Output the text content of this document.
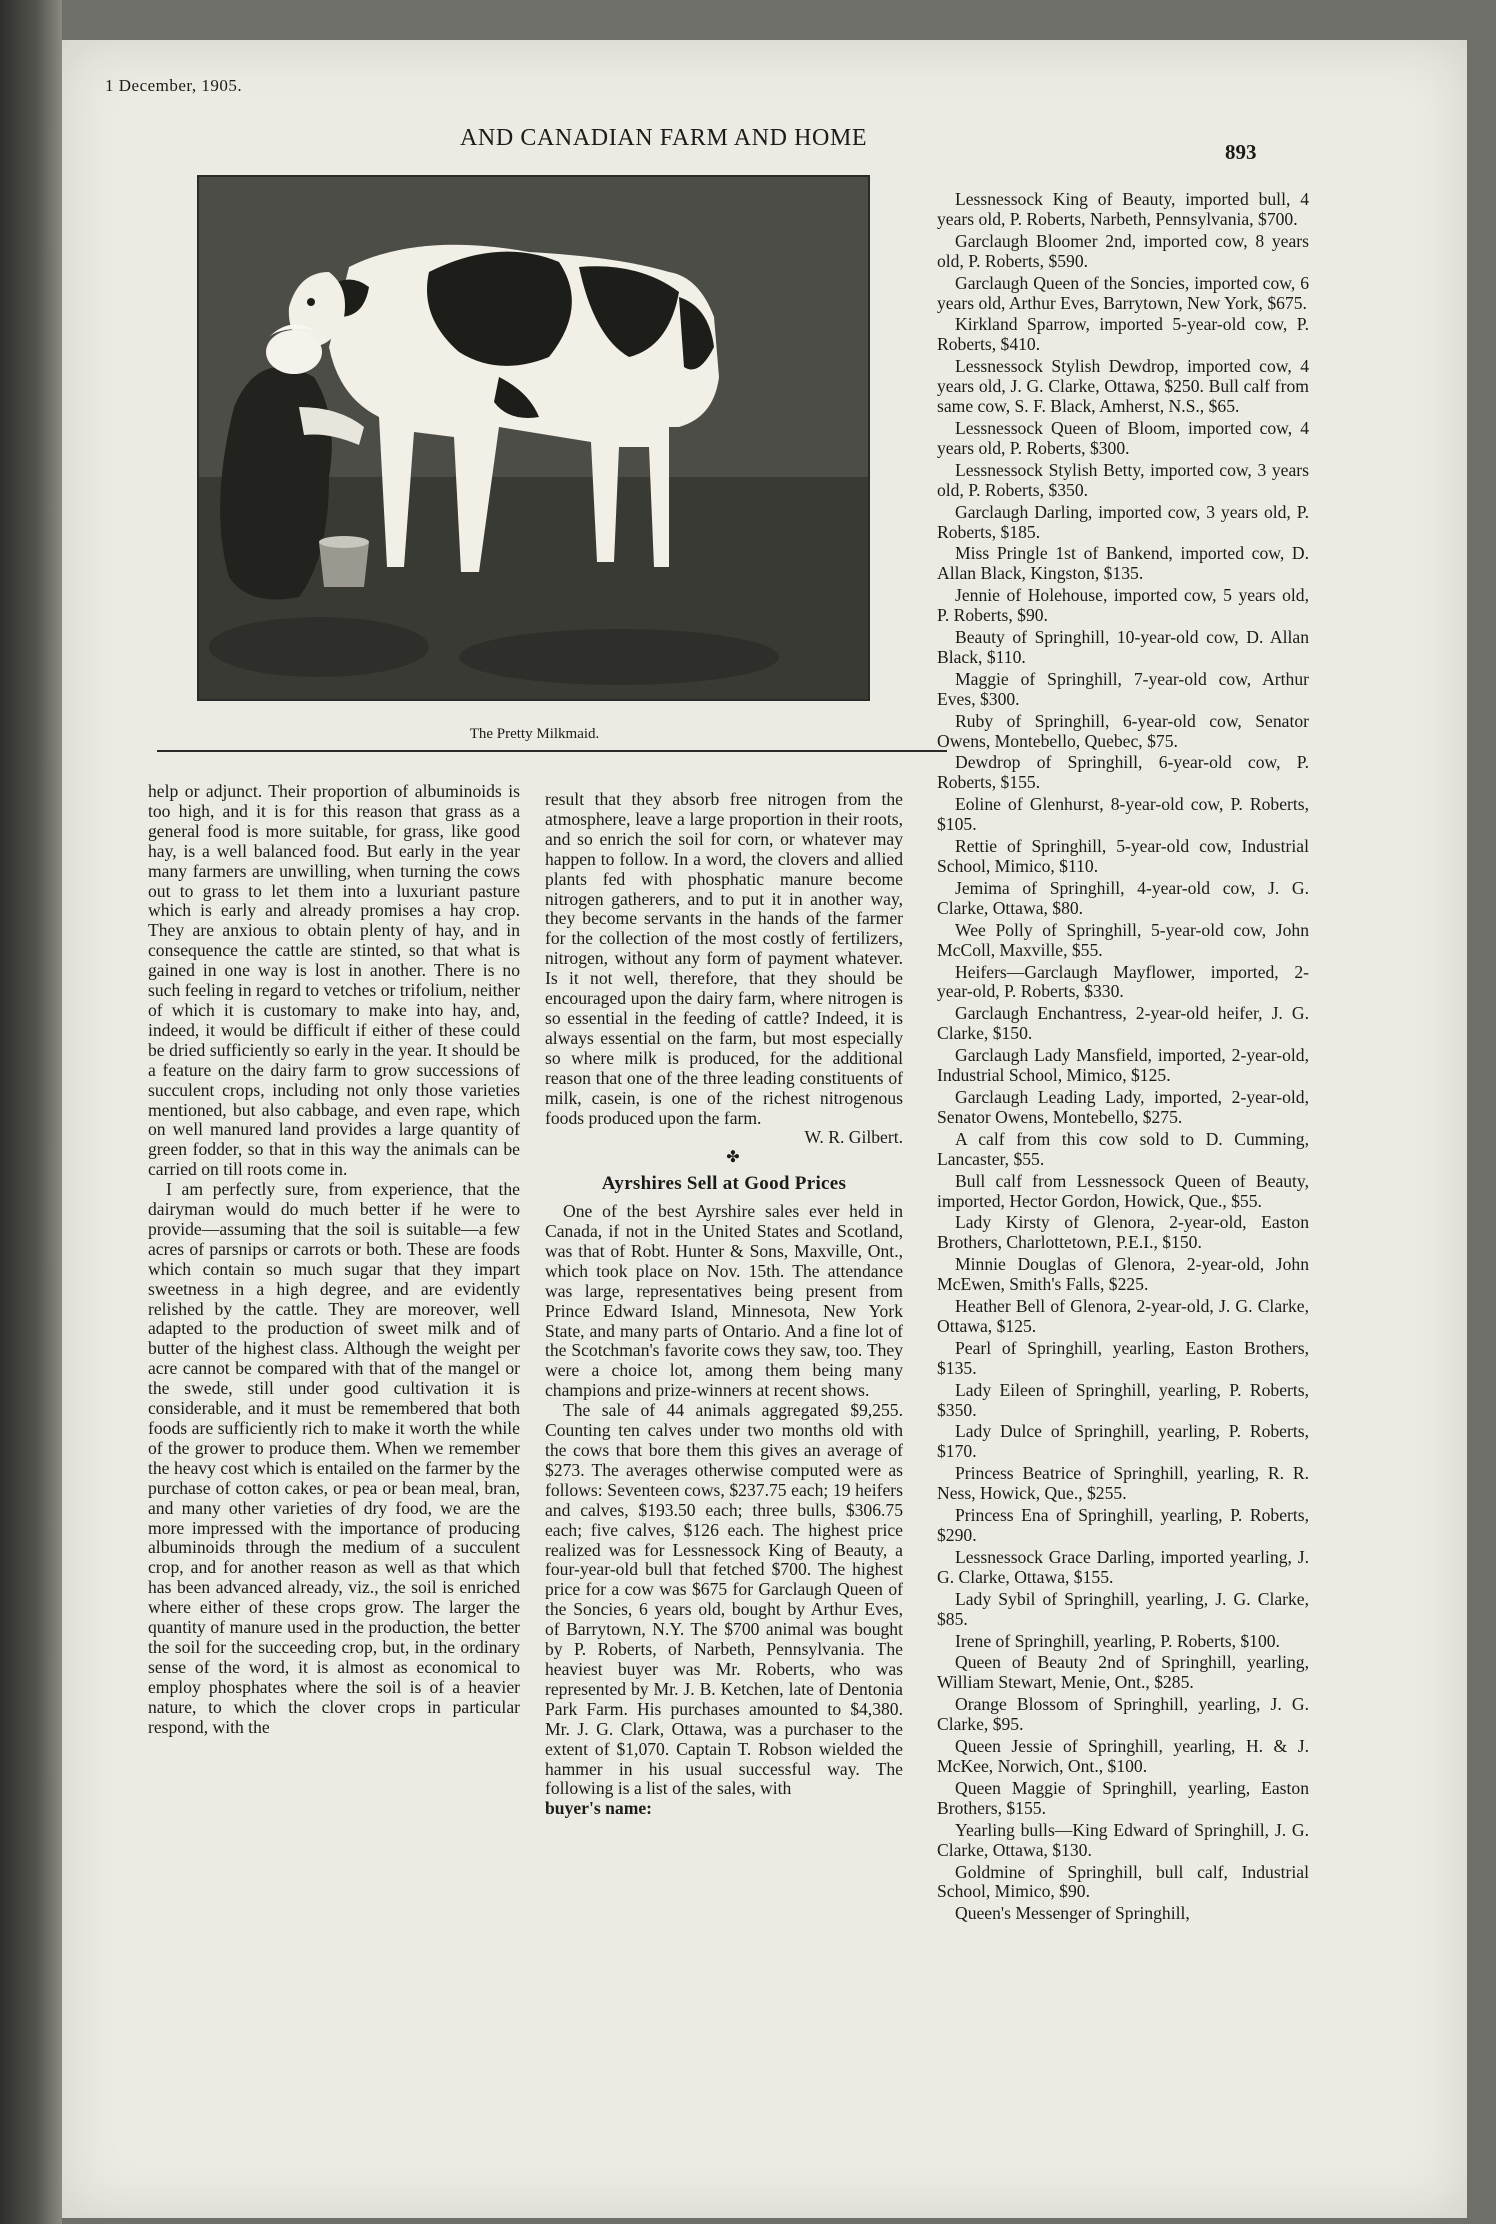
1 December, 1905.
AND CANADIAN FARM AND HOME
893
The Pretty Milkmaid.

help or adjunct. Their proportion of albuminoids is too high, and it is for this reason that grass as a general food is more suitable, for grass, like good hay, is a well balanced food. But early in the year many farmers are unwilling, when turning the cows out to grass to let them into a luxuriant pasture which is early and already promises a hay crop. They are anxious to obtain plenty of hay, and in consequence the cattle are stinted, so that what is gained in one way is lost in another. There is no such feeling in regard to vetches or trifolium, neither of which it is customary to make into hay, and, indeed, it would be difficult if either of these could be dried sufficiently so early in the year. It should be a feature on the dairy farm to grow successions of succulent crops, including not only those varieties mentioned, but also cabbage, and even rape, which on well manured land provides a large quantity of green fodder, so that in this way the animals can be carried on till roots come in.

I am perfectly sure, from experience, that the dairyman would do much better if he were to provide—assuming that the soil is suitable—a few acres of parsnips or carrots or both. These are foods which contain so much sugar that they impart sweetness in a high degree, and are evidently relished by the cattle. They are moreover, well adapted to the production of sweet milk and of butter of the highest class. Although the weight per acre cannot be compared with that of the mangel or the swede, still under good cultivation it is considerable, and it must be remembered that both foods are sufficiently rich to make it worth the while of the grower to produce them. When we remember the heavy cost which is entailed on the farmer by the purchase of cotton cakes, or pea or bean meal, bran, and many other varieties of dry food, we are the more impressed with the importance of producing albuminoids through the medium of a succulent crop, and for another reason as well as that which has been advanced already, viz., the soil is enriched where either of these crops grow. The larger the quantity of manure used in the production, the better the soil for the succeeding crop, but, in the ordinary sense of the word, it is almost as economical to employ phosphates where the soil is of a heavier nature, to which the clover crops in particular respond, with the

result that they absorb free nitrogen from the atmosphere, leave a large proportion in their roots, and so enrich the soil for corn, or whatever may happen to follow. In a word, the clovers and allied plants fed with phosphatic manure become nitrogen gatherers, and to put it in another way, they become servants in the hands of the farmer for the collection of the most costly of fertilizers, nitrogen, without any form of payment whatever. Is it not well, therefore, that they should be encouraged upon the dairy farm, where nitrogen is so essential in the feeding of cattle? Indeed, it is always essential on the farm, but most especially so where milk is produced, for the additional reason that one of the three leading constituents of milk, casein, is one of the richest nitrogenous foods produced upon the farm.

W. R. Gilbert.

✤

Ayrshires Sell at Good Prices

One of the best Ayrshire sales ever held in Canada, if not in the United States and Scotland, was that of Robt. Hunter & Sons, Maxville, Ont., which took place on Nov. 15th. The attendance was large, representatives being present from Prince Edward Island, Minnesota, New York State, and many parts of Ontario. And a fine lot of the Scotchman's favorite cows they saw, too. They were a choice lot, among them being many champions and prize-winners at recent shows.

The sale of 44 animals aggregated $9,255. Counting ten calves under two months old with the cows that bore them this gives an average of $273. The averages otherwise computed were as follows: Seventeen cows, $237.75 each; 19 heifers and calves, $193.50 each; three bulls, $306.75 each; five calves, $126 each. The highest price realized was for Lessnessock King of Beauty, a four-year-old bull that fetched $700. The highest price for a cow was $675 for Garclaugh Queen of the Soncies, 6 years old, bought by Arthur Eves, of Barrytown, N.Y. The $700 animal was bought by P. Roberts, of Narbeth, Pennsylvania. The heaviest buyer was Mr. Roberts, who was represented by Mr. J. B. Ketchen, late of Dentonia Park Farm. His purchases amounted to $4,380. Mr. J. G. Clark, Ottawa, was a purchaser to the extent of $1,070. Captain T. Robson wielded the hammer in his usual successful way. The following is a list of the sales, with

buyer's name:

Lessnessock King of Beauty, imported bull, 4 years old, P. Roberts, Narbeth, Pennsylvania, $700.

Garclaugh Bloomer 2nd, imported cow, 8 years old, P. Roberts, $590.

Garclaugh Queen of the Soncies, imported cow, 6 years old, Arthur Eves, Barrytown, New York, $675.

Kirkland Sparrow, imported 5-year-old cow, P. Roberts, $410.

Lessnessock Stylish Dewdrop, imported cow, 4 years old, J. G. Clarke, Ottawa, $250. Bull calf from same cow, S. F. Black, Amherst, N.S., $65.

Lessnessock Queen of Bloom, imported cow, 4 years old, P. Roberts, $300.

Lessnessock Stylish Betty, imported cow, 3 years old, P. Roberts, $350.

Garclaugh Darling, imported cow, 3 years old, P. Roberts, $185.

Miss Pringle 1st of Bankend, imported cow, D. Allan Black, Kingston, $135.

Jennie of Holehouse, imported cow, 5 years old, P. Roberts, $90.

Beauty of Springhill, 10-year-old cow, D. Allan Black, $110.

Maggie of Springhill, 7-year-old cow, Arthur Eves, $300.

Ruby of Springhill, 6-year-old cow, Senator Owens, Montebello, Quebec, $75.

Dewdrop of Springhill, 6-year-old cow, P. Roberts, $155.

Eoline of Glenhurst, 8-year-old cow, P. Roberts, $105.

Rettie of Springhill, 5-year-old cow, Industrial School, Mimico, $110.

Jemima of Springhill, 4-year-old cow, J. G. Clarke, Ottawa, $80.

Wee Polly of Springhill, 5-year-old cow, John McColl, Maxville, $55.

Heifers—Garclaugh Mayflower, imported, 2-year-old, P. Roberts, $330.

Garclaugh Enchantress, 2-year-old heifer, J. G. Clarke, $150.

Garclaugh Lady Mansfield, imported, 2-year-old, Industrial School, Mimico, $125.

Garclaugh Leading Lady, imported, 2-year-old, Senator Owens, Montebello, $275.

A calf from this cow sold to D. Cumming, Lancaster, $55.

Bull calf from Lessnessock Queen of Beauty, imported, Hector Gordon, Howick, Que., $55.

Lady Kirsty of Glenora, 2-year-old, Easton Brothers, Charlottetown, P.E.I., $150.

Minnie Douglas of Glenora, 2-year-old, John McEwen, Smith's Falls, $225.

Heather Bell of Glenora, 2-year-old, J. G. Clarke, Ottawa, $125.

Pearl of Springhill, yearling, Easton Brothers, $135.

Lady Eileen of Springhill, yearling, P. Roberts, $350.

Lady Dulce of Springhill, yearling, P. Roberts, $170.

Princess Beatrice of Springhill, yearling, R. R. Ness, Howick, Que., $255.

Princess Ena of Springhill, yearling, P. Roberts, $290.

Lessnessock Grace Darling, imported yearling, J. G. Clarke, Ottawa, $155.

Lady Sybil of Springhill, yearling, J. G. Clarke, $85.

Irene of Springhill, yearling, P. Roberts, $100.

Queen of Beauty 2nd of Springhill, yearling, William Stewart, Menie, Ont., $285.

Orange Blossom of Springhill, yearling, J. G. Clarke, $95.

Queen Jessie of Springhill, yearling, H. & J. McKee, Norwich, Ont., $100.

Queen Maggie of Springhill, yearling, Easton Brothers, $155.

Yearling bulls—King Edward of Springhill, J. G. Clarke, Ottawa, $130.

Goldmine of Springhill, bull calf, Industrial School, Mimico, $90.

Queen's Messenger of Springhill,
